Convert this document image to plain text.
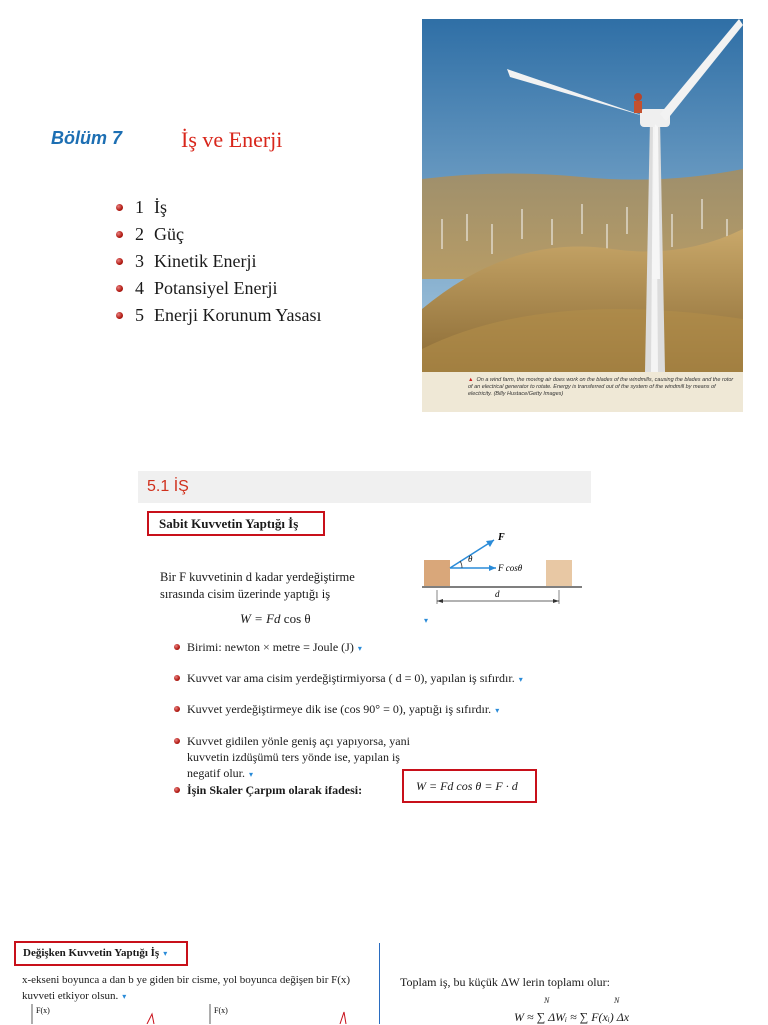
Bölüm 7	İş ve Enerji
1 İş
2 Güç
3 Kinetik Enerji
4 Potansiyel Enerji
5 Enerji Korunum Yasası
▲ On a wind farm, the moving air does work on the blades of the windmills, causing the blades and the rotor of an electrical generator to rotate. Energy is transferred out of the system of the windmill by means of electricity. (Billy Hustace/Getty Images)
5.1 İŞ
Sabit Kuvvetin Yaptığı İş
Bir F kuvvetinin d kadar yerdeğiştirme sırasında cisim üzerinde yaptığı iş
W = Fd cos θ
θ
F
F cosθ
d
▾
Birimi: newton × metre = Joule (J) ▾
Kuvvet var ama cisim yerdeğiştirmiyorsa ( d = 0), yapılan iş sıfırdır. ▾
Kuvvet yerdeğiştirmeye dik ise (cos 90° = 0), yaptığı iş sıfırdır. ▾
Kuvvet gidilen yönle geniş açı yapıyorsa, yani kuvvetin izdüşümü ters yönde ise, yapılan iş negatif olur. ▾
İşin Skaler Çarpım olarak ifadesi:	W = Fd cos θ = F · d
Değişken Kuvvetin Yaptığı İş ▾
x-ekseni boyunca a dan b ye giden bir cisme, yol boyunca değişen bir F(x) kuvveti etkiyor olsun. ▾
F(x)	F(x)
Toplam iş, bu küçük ΔW lerin toplamı olur:
N	N
W ≈ ∑ ΔWᵢ ≈ ∑ F(xᵢ) Δx
